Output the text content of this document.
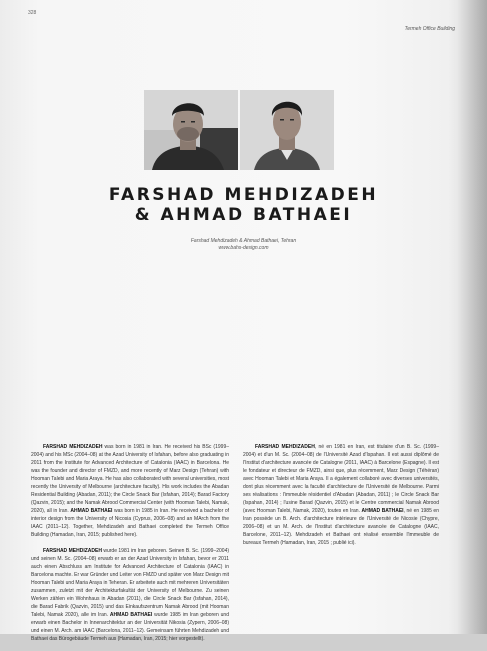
328
Termeh Office Building
FARSHAD MEHDIZADEH
& AHMAD BATHAEI
Farshad Mehdizadeh & Ahmad Bathaei, Tehran
www.bahs-design.com

FARSHAD MEHDIZADEH was born in 1981 in Iran. He received his BSc (1999–2004) and his MSc (2004–08) at the Azad University of Isfahan, before also graduating in 2011 from the Institute for Advanced Architecture of Catalonia (IAAC) in Barcelona. He was the founder and director of FMZD, and more recently of Marz Design (Tehran) with Hooman Talebi and Maria Araya. He has also collaborated with several universities, most recently the University of Melbourne (architecture faculty). His work includes the Abadan Residential Building (Abadan, 2011); the Circle Snack Bar (Isfahan, 2014); Barad Factory (Qazvin, 2015); and the Namak Abrood Commercial Center (with Hooman Talebi, Namak, 2020), all in Iran. AHMAD BATHAEI was born in 1985 in Iran. He received a bachelor of interior design from the University of Nicosia (Cyprus, 2006–08) and an MArch from the IAAC (2011–12). Together, Mehdizadeh and Bathaei completed the Termeh Office Building (Hamadan, Iran, 2015; published here).

FARSHAD MEHDIZADEH wurde 1981 im Iran geboren. Seinen B. Sc. (1999–2004) und seinen M. Sc. (2004–08) erwarb er an der Azad University in Isfahan, bevor er 2011 auch einen Abschluss am Institute for Advanced Architecture of Catalonia (IAAC) in Barcelona machte. Er war Gründer und Leiter von FMZD und später von Marz Design mit Hooman Talebi und Maria Araya in Teheran. Er arbeitete auch mit mehreren Universitäten zusammen, zuletzt mit der Architekturfakultät der University of Melbourne. Zu seinen Werken zählen ein Wohnhaus in Abadan (2011), die Circle Snack Bar (Isfahan, 2014), die Barad Fabrik (Qazvin, 2015) und das Einkaufszentrum Namak Abrood (mit Hooman Talebi, Namak 2020), alle im Iran. AHMAD BATHAEI wurde 1985 im Iran geboren und erwarb einen Bachelor in Innenarchitektur an der Universität Nikosia (Zypern, 2006–08) und einen M. Arch. am IAAC (Barcelona, 2011–12). Gemeinsam führten Mehdizadeh und Bathaei das Bürogebäude Termeh aus (Hamadan, Iran, 2015; hier vorgestellt).

FARSHAD MEHDIZADEH, né en 1981 en Iran, est titulaire d'un B. Sc. (1999–2004) et d'un M. Sc. (2004–08) de l'Université Azad d'Ispahan. Il est aussi diplômé de l'Institut d'architecture avancée de Catalogne (2011, IAAC) à Barcelone (Espagne). Il est le fondateur et directeur de FMZD, ainsi que, plus récemment, Marz Design (Téhéran) avec Hooman Talebi et Maria Araya. Il a également collaboré avec diverses universités, dont plus récemment avec la faculté d'architecture de l'Université de Melbourne. Parmi ses réalisations : l'immeuble résidentiel d'Abadan (Abadan, 2011) ; le Circle Snack Bar (Ispahan, 2014) ; l'usine Barad (Qazvin, 2015) et le Centre commercial Namak Abrood (avec Hooman Talebi, Namak, 2020), toutes en Iran. AHMAD BATHAEI, né en 1985 en Iran possède un B. Arch. d'architecture intérieure de l'Université de Nicosie (Chypre, 2006–08) et un M. Arch. de l'Institut d'architecture avancée de Catalogne (IAAC, Barcelone, 2011–12). Mehdizadeh et Bathaei ont réalisé ensemble l'immeuble de bureaux Termeh (Hamadan, Iran, 2015 ; publié ici).
